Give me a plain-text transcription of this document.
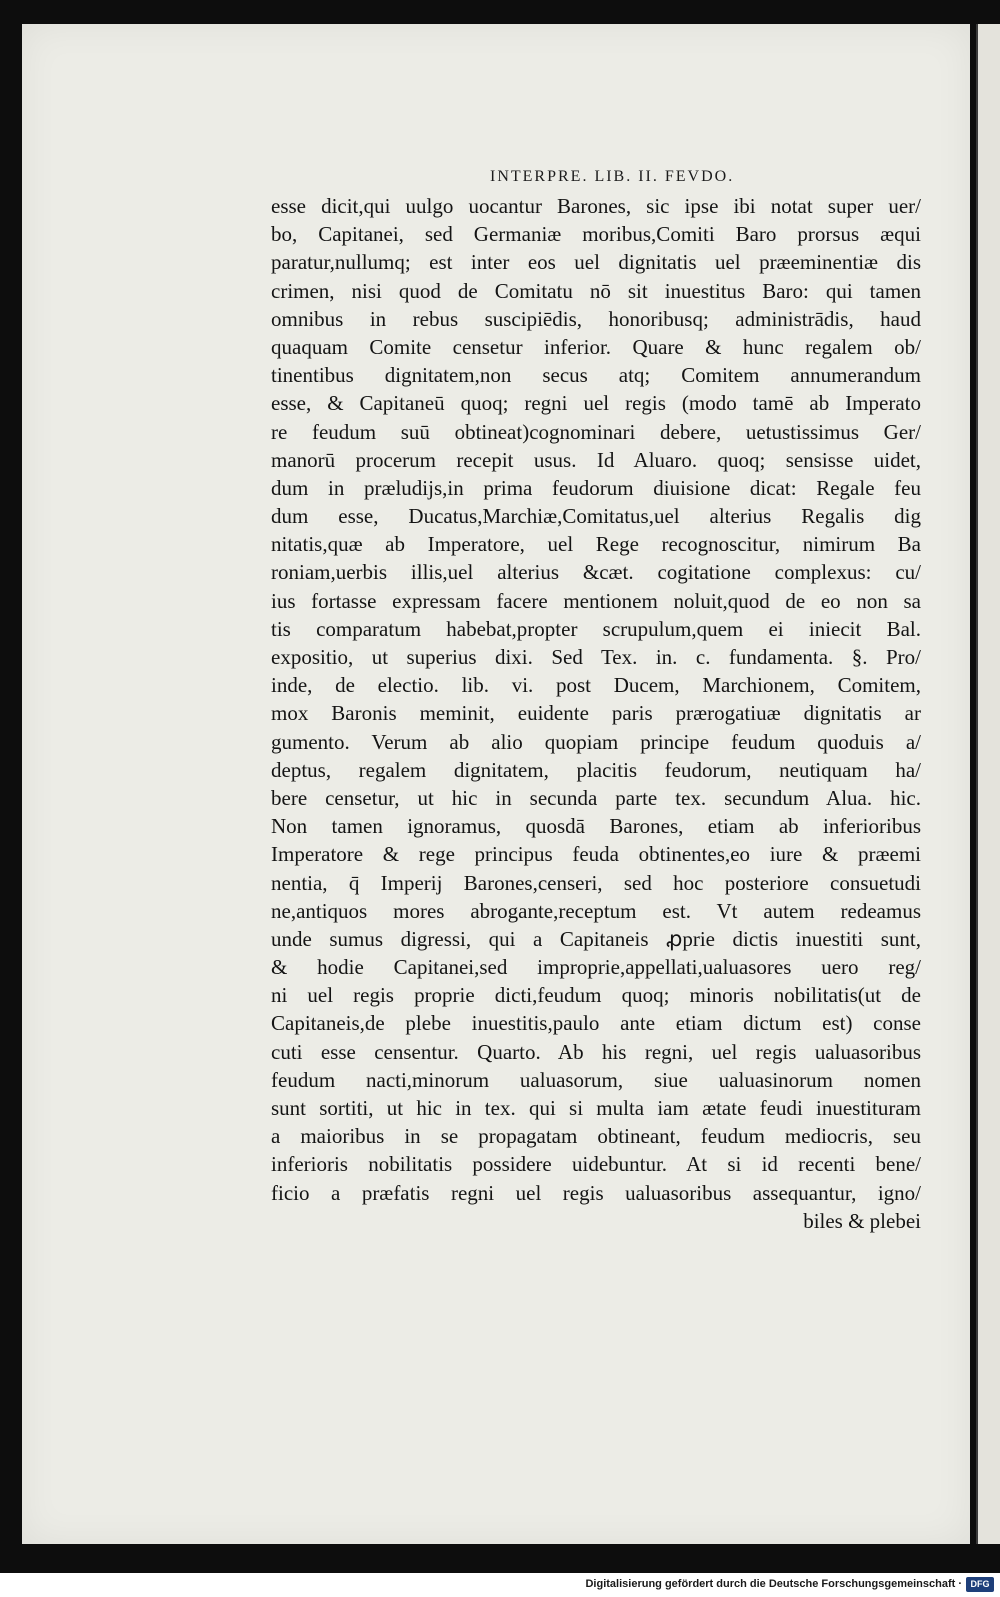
INTERPRE. LIB. II. FEVDO.
esse dicit,qui uulgo uocantur Barones, sic ipse ibi notat super uer/
bo, Capitanei, sed Germaniæ moribus,Comiti Baro prorsus æqui
paratur,nullumq; est inter eos uel dignitatis uel præeminentiæ dis
crimen, nisi quod de Comitatu nō sit inuestitus Baro: qui tamen
omnibus in rebus suscipiēdis, honoribusq; administrādis, haud
quaquam Comite censetur inferior. Quare & hunc regalem ob/
tinentibus dignitatem,non secus atq; Comitem annumerandum
esse, & Capitaneū quoq; regni uel regis (modo tamē ab Imperato
re feudum suū obtineat)cognominari debere, uetustissimus Ger/
manorū procerum recepit usus. Id Aluaro. quoq; sensisse uidet,
dum in præludijs,in prima feudorum diuisione dicat: Regale feu
dum esse, Ducatus,Marchiæ,Comitatus,uel alterius Regalis dig
nitatis,quæ ab Imperatore, uel Rege recognoscitur, nimirum Ba
roniam,uerbis illis,uel alterius &cæt. cogitatione complexus: cu/
ius fortasse expressam facere mentionem noluit,quod de eo non sa
tis comparatum habebat,propter scrupulum,quem ei iniecit Bal.
expositio, ut superius dixi. Sed Tex. in. c. fundamenta. §. Pro/
inde, de electio. lib. vi. post Ducem, Marchionem, Comitem,
mox Baronis meminit, euidente paris prærogatiuæ dignitatis ar
gumento. Verum ab alio quopiam principe feudum quoduis a/
deptus, regalem dignitatem, placitis feudorum, neutiquam ha/
bere censetur, ut hic in secunda parte tex. secundum Alua. hic.
Non tamen ignoramus, quosdā Barones, etiam ab inferioribus
Imperatore & rege principus feuda obtinentes,eo iure & præemi
nentia, q̄ Imperij Barones,censeri, sed hoc posteriore consuetudi
ne,antiquos mores abrogante,receptum est. Vt autem redeamus
unde sumus digressi, qui a Capitaneis ꝓprie dictis inuestiti sunt,
& hodie Capitanei,sed improprie,appellati,ualuasores uero reg/
ni uel regis proprie dicti,feudum quoq; minoris nobilitatis(ut de
Capitaneis,de plebe inuestitis,paulo ante etiam dictum est) conse
cuti esse censentur. Quarto. Ab his regni, uel regis ualuasoribus
feudum nacti,minorum ualuasorum, siue ualuasinorum nomen
sunt sortiti, ut hic in tex. qui si multa iam ætate feudi inuestituram
a maioribus in se propagatam obtineant, feudum mediocris, seu
inferioris nobilitatis possidere uidebuntur. At si id recenti bene/
ficio a præfatis regni uel regis ualuasoribus assequantur, igno/
biles & plebei
Digitalisierung gefördert durch die Deutsche Forschungsgemeinschaft · DFG
